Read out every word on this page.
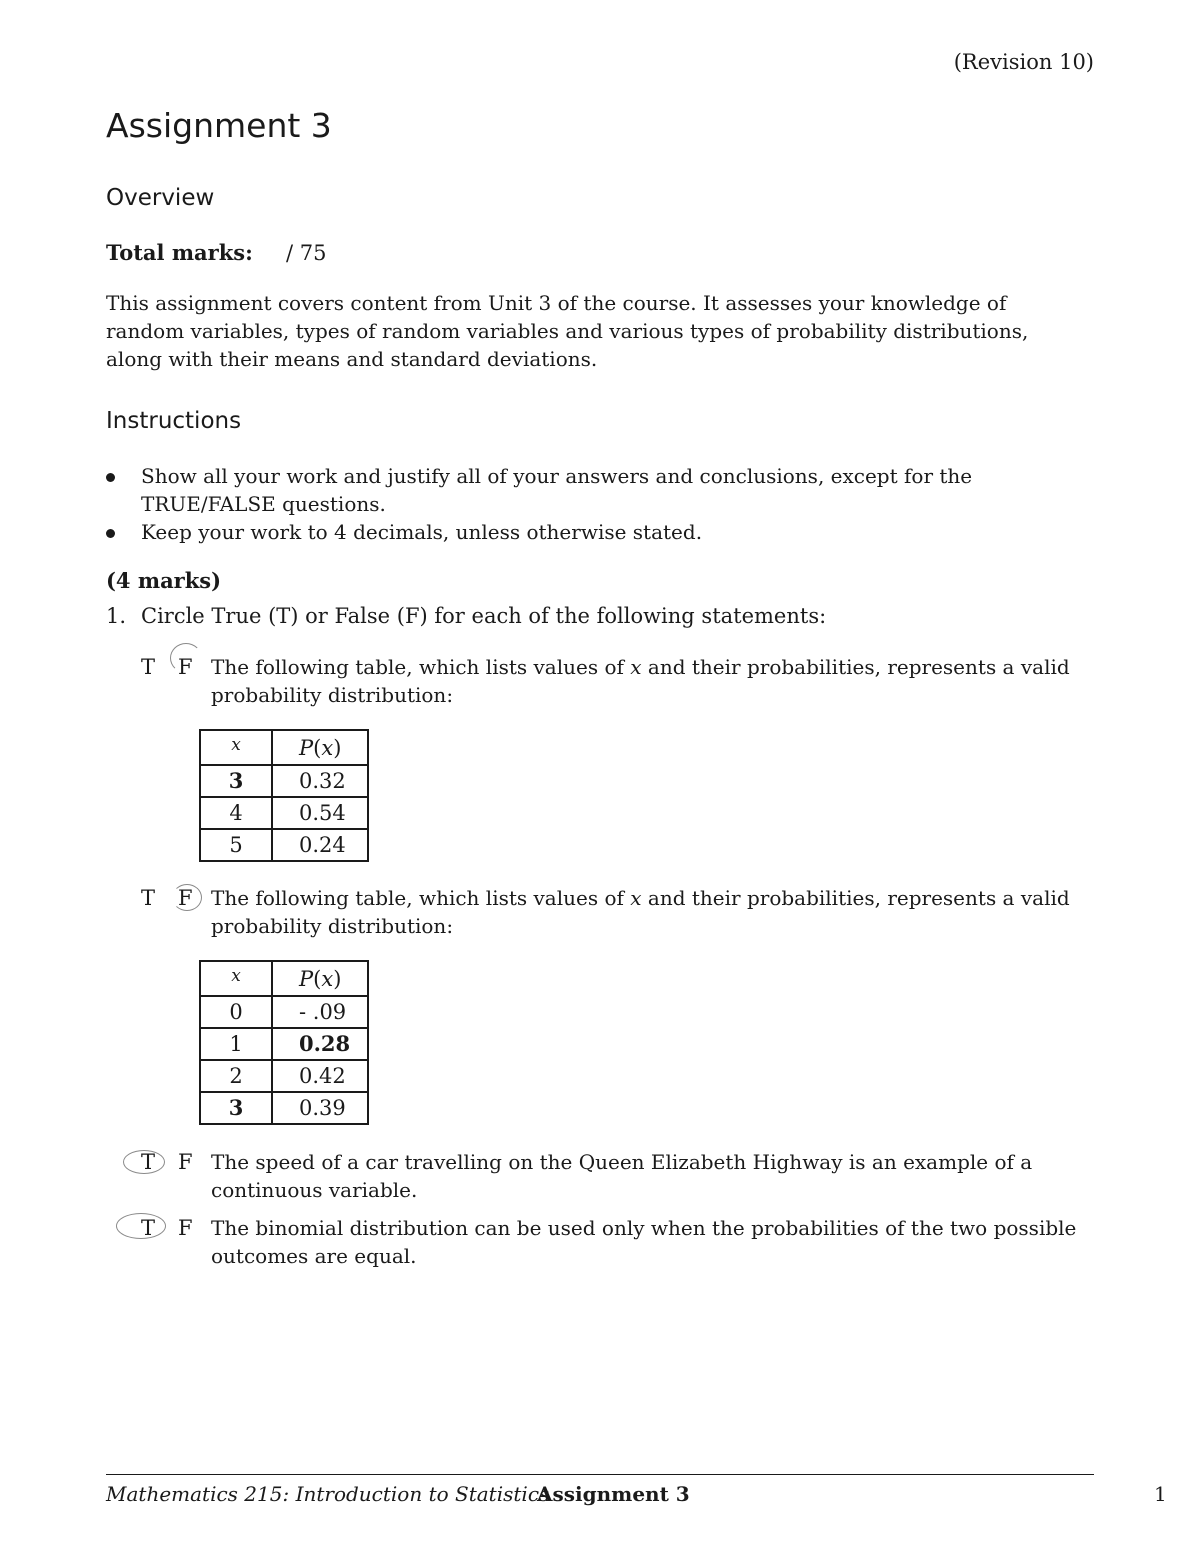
(Revision 10)
Assignment 3
Overview
Total marks: / 75
This assignment covers content from Unit 3 of the course. It assesses your knowledge of random variables, types of random variables and various types of probability distributions, along with their means and standard deviations.
Instructions
Show all your work and justify all of your answers and conclusions, except for the TRUE/FALSE questions.
Keep your work to 4 decimals, unless otherwise stated.
(4 marks)
1. Circle True (T) or False (F) for each of the following statements:
T F The following table, which lists values of x and their probabilities, represents a valid probability distribution:
x	P(x)
3	0.32
4	0.54
5	0.24
T F The following table, which lists values of x and their probabilities, represents a valid probability distribution:
x	P(x)
0	- .09
1	0.28
2	0.42
3	0.39
T F The speed of a car travelling on the Queen Elizabeth Highway is an example of a continuous variable.
T F The binomial distribution can be used only when the probabilities of the two possible outcomes are equal.
Mathematics 215: Introduction to Statistics
Assignment 3	1
